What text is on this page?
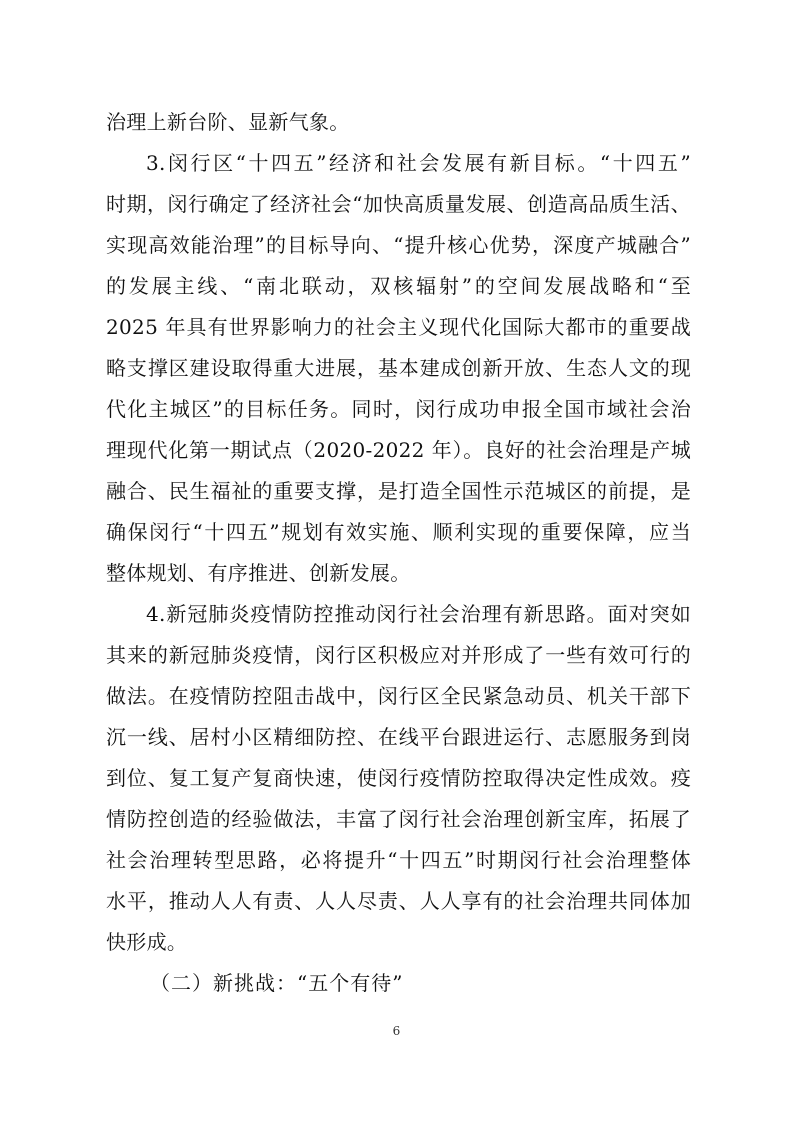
治理上新台阶、显新气象。
3.闵行区“十四五”经济和社会发展有新目标。“十四五”
时期，闵行确定了经济社会“加快高质量发展、创造高品质生活、
实现高效能治理”的目标导向、“提升核心优势，深度产城融合”
的发展主线、“南北联动，双核辐射”的空间发展战略和“至
2025 年具有世界影响力的社会主义现代化国际大都市的重要战
略支撑区建设取得重大进展，基本建成创新开放、生态人文的现
代化主城区”的目标任务。同时，闵行成功申报全国市域社会治
理现代化第一期试点（2020-2022 年）。良好的社会治理是产城
融合、民生福祉的重要支撑，是打造全国性示范城区的前提，是
确保闵行“十四五”规划有效实施、顺利实现的重要保障，应当
整体规划、有序推进、创新发展。
4.新冠肺炎疫情防控推动闵行社会治理有新思路。面对突如
其来的新冠肺炎疫情，闵行区积极应对并形成了一些有效可行的
做法。在疫情防控阻击战中，闵行区全民紧急动员、机关干部下
沉一线、居村小区精细防控、在线平台跟进运行、志愿服务到岗
到位、复工复产复商快速，使闵行疫情防控取得决定性成效。疫
情防控创造的经验做法，丰富了闵行社会治理创新宝库，拓展了
社会治理转型思路，必将提升“十四五”时期闵行社会治理整体
水平，推动人人有责、人人尽责、人人享有的社会治理共同体加
快形成。
（二）新挑战：“五个有待”
6
